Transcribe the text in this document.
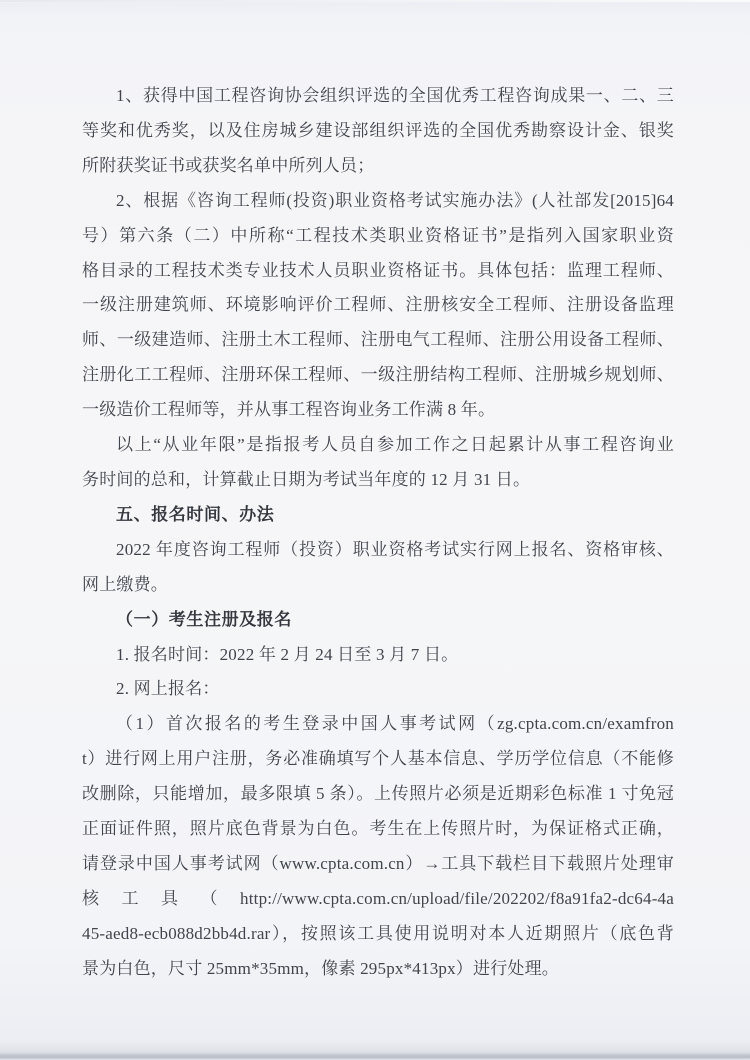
1、获得中国工程咨询协会组织评选的全国优秀工程咨询成果一、二、三
等奖和优秀奖，以及住房城乡建设部组织评选的全国优秀勘察设计金、银奖
所附获奖证书或获奖名单中所列人员；
2、根据《咨询工程师(投资)职业资格考试实施办法》(人社部发[2015]64
号）第六条（二）中所称“工程技术类职业资格证书”是指列入国家职业资
格目录的工程技术类专业技术人员职业资格证书。具体包括：监理工程师、
一级注册建筑师、环境影响评价工程师、注册核安全工程师、注册设备监理
师、一级建造师、注册土木工程师、注册电气工程师、注册公用设备工程师、
注册化工工程师、注册环保工程师、一级注册结构工程师、注册城乡规划师、
一级造价工程师等，并从事工程咨询业务工作满 8 年。
以上“从业年限”是指报考人员自参加工作之日起累计从事工程咨询业
务时间的总和，计算截止日期为考试当年度的 12 月 31 日。
五、报名时间、办法
2022 年度咨询工程师（投资）职业资格考试实行网上报名、资格审核、
网上缴费。
（一）考生注册及报名
1. 报名时间：2022 年 2 月 24 日至 3 月 7 日。
2. 网上报名：
（1）首次报名的考生登录中国人事考试网（zg.cpta.com.cn/examfron
t）进行网上用户注册，务必准确填写个人基本信息、学历学位信息（不能修
改删除，只能增加，最多限填 5 条）。上传照片必须是近期彩色标准 1 寸免冠
正面证件照，照片底色背景为白色。考生在上传照片时，为保证格式正确，
请登录中国人事考试网（www.cpta.com.cn）→工具下载栏目下载照片处理审
核工具（http://www.cpta.com.cn/upload/file/202202/f8a91fa2-dc64-4a
45-aed8-ecb088d2bb4d.rar），按照该工具使用说明对本人近期照片（底色背
景为白色，尺寸 25mm*35mm，像素 295px*413px）进行处理。
